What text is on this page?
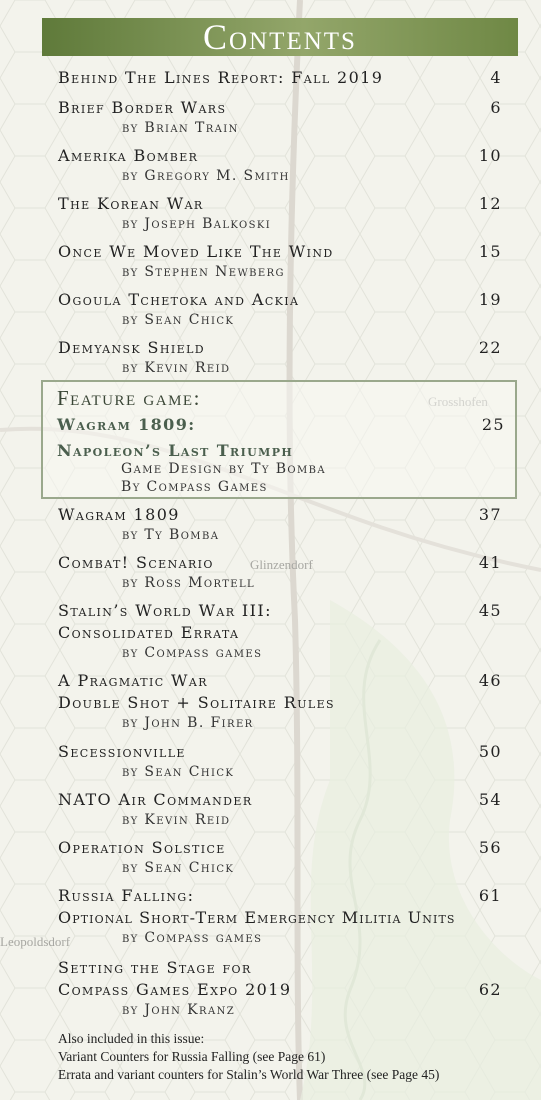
Glinzendorf
Leopoldsdorf
Contents
Behind The Lines Report: Fall 2019	4
Brief Border Wars	6
by Brian Train
Amerika Bomber	10
by Gregory M. Smith
The Korean War	12
by Joseph Balkoski
Once We Moved Like The Wind	15
by Stephen Newberg
Ogoula Tchetoka and Ackia	19
by Sean Chick
Demyansk Shield	22
by Kevin Reid
Feature game:
Wagram 1809:	25
Napoleon’s Last Triumph
Game Design by Ty Bomba
By Compass Games
Wagram 1809	37
by Ty Bomba
Combat! Scenario	41
by Ross Mortell
Stalin’s World War III:	45
Consolidated Errata
by Compass games
A Pragmatic War	46
Double Shot + Solitaire Rules
by John B. Firer
Secessionville	50
by Sean Chick
NATO Air Commander	54
by Kevin Reid
Operation Solstice	56
by Sean Chick
Russia Falling:	61
Optional Short-Term Emergency Militia Units
by Compass games
Setting the Stage for
Compass Games Expo 2019	62
by John Kranz
Also included in this issue:
Variant Counters for Russia Falling (see Page 61)
Errata and variant counters for Stalin’s World War Three (see Page 45)
